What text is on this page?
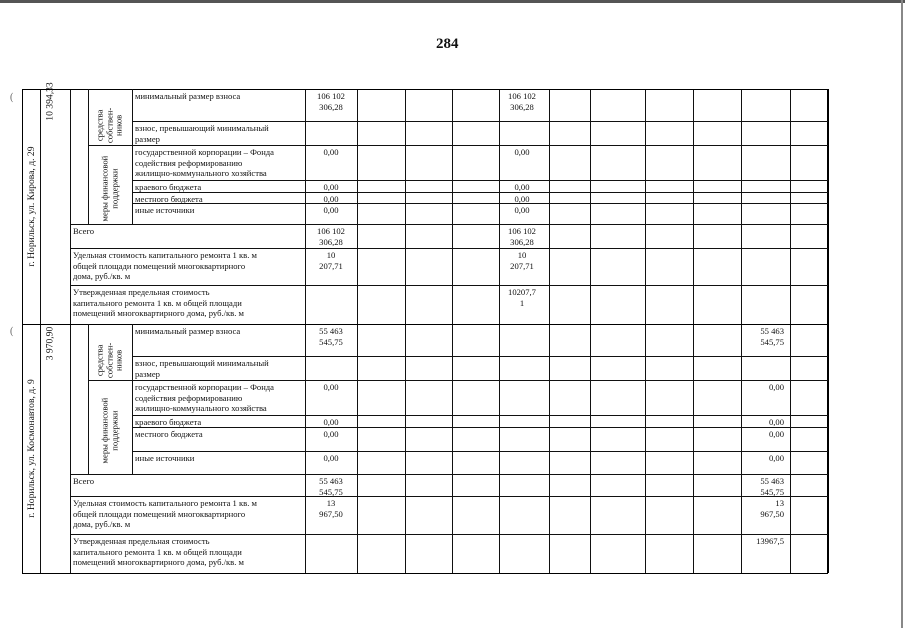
284
(
(
г. Норильск, ул. Кирова, д. 29
10 394,33
средства
собствен-
ников
меры финансовой
поддержки
минимальный размер взноса
взнос, превышающий минимальный
размер
государственной корпорации – Фонда
содействия реформированию
жилищно-коммунального хозяйства
краевого бюджета
местного бюджета
иные источники
Всего
Удельная стоимость капитального ремонта 1 кв. м
общей площади помещений многоквартирного
дома, руб./кв. м
Утвержденная предельная стоимость
капитального ремонта 1 кв. м общей площади
помещений многоквартирного дома, руб./кв. м
106 102
306,28
0,00
0,00
0,00
0,00
106 102
306,28
10
207,71
106 102
306,28
0,00
0,00
0,00
0,00
106 102
306,28
10
207,71
10207,7
1
г. Норильск, ул. Космонавтов, д. 9
3 970,90
средства
собствен-
ников
меры финансовой
поддержки
минимальный размер взноса
взнос, превышающий минимальный
размер
государственной корпорации – Фонда
содействия реформированию
жилищно-коммунального хозяйства
краевого бюджета
местного бюджета
иные источники
Всего
Удельная стоимость капитального ремонта 1 кв. м
общей площади помещений многоквартирного
дома, руб./кв. м
Утвержденная предельная стоимость
капитального ремонта 1 кв. м общей площади
помещений многоквартирного дома, руб./кв. м
55 463
545,75
0,00
0,00
0,00
0,00
55 463
545,75
13
967,50
55 463
545,75
0,00
0,00
0,00
0,00
55 463
545,75
13
967,50
13967,5
